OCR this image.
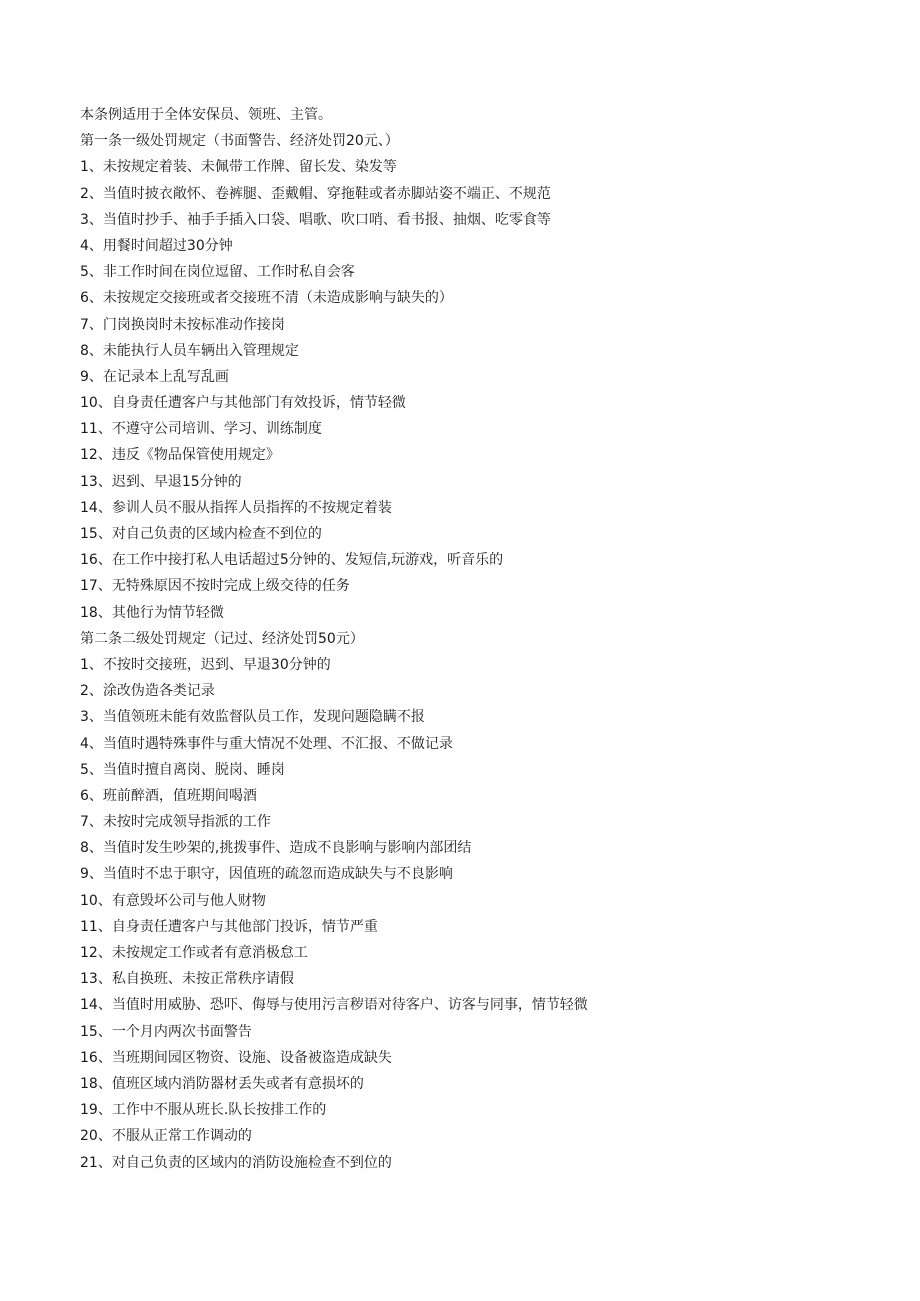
本条例适用于全体安保员、领班、主管。
第一条一级处罚规定（书面警告、经济处罚20元、）
1、未按规定着装、未佩带工作牌、留长发、染发等
2、当值时披衣敞怀、卷裤腿、歪戴帽、穿拖鞋或者赤脚站姿不端正、不规范
3、当值时抄手、袖手手插入口袋、唱歌、吹口哨、看书报、抽烟、吃零食等
4、用餐时间超过30分钟
5、非工作时间在岗位逗留、工作时私自会客
6、未按规定交接班或者交接班不清（未造成影响与缺失的）
7、门岗换岗时未按标准动作接岗
8、未能执行人员车辆出入管理规定
9、在记录本上乱写乱画
10、自身责任遭客户与其他部门有效投诉，情节轻微
11、不遵守公司培训、学习、训练制度
12、违反《物品保管使用规定》
13、迟到、早退15分钟的
14、参训人员不服从指挥人员指挥的不按规定着装
15、对自己负责的区域内检查不到位的
16、在工作中接打私人电话超过5分钟的、发短信,玩游戏，听音乐的
17、无特殊原因不按时完成上级交待的任务
18、其他行为情节轻微
第二条二级处罚规定（记过、经济处罚50元）
1、不按时交接班，迟到、早退30分钟的
2、涂改伪造各类记录
3、当值领班未能有效监督队员工作，发现问题隐瞒不报
4、当值时遇特殊事件与重大情况不处理、不汇报、不做记录
5、当值时擅自离岗、脱岗、睡岗
6、班前醉酒，值班期间喝酒
7、未按时完成领导指派的工作
8、当值时发生吵架的,挑拨事件、造成不良影响与影响内部团结
9、当值时不忠于职守，因值班的疏忽而造成缺失与不良影响
10、有意毁坏公司与他人财物
11、自身责任遭客户与其他部门投诉，情节严重
12、未按规定工作或者有意消极怠工
13、私自换班、未按正常秩序请假
14、当值时用威胁、恐吓、侮辱与使用污言秽语对待客户、访客与同事，情节轻微
15、一个月内两次书面警告
16、当班期间园区物资、设施、设备被盗造成缺失
18、值班区域内消防器材丢失或者有意损坏的
19、工作中不服从班长.队长按排工作的
20、不服从正常工作调动的
21、对自己负责的区域内的消防设施检查不到位的
